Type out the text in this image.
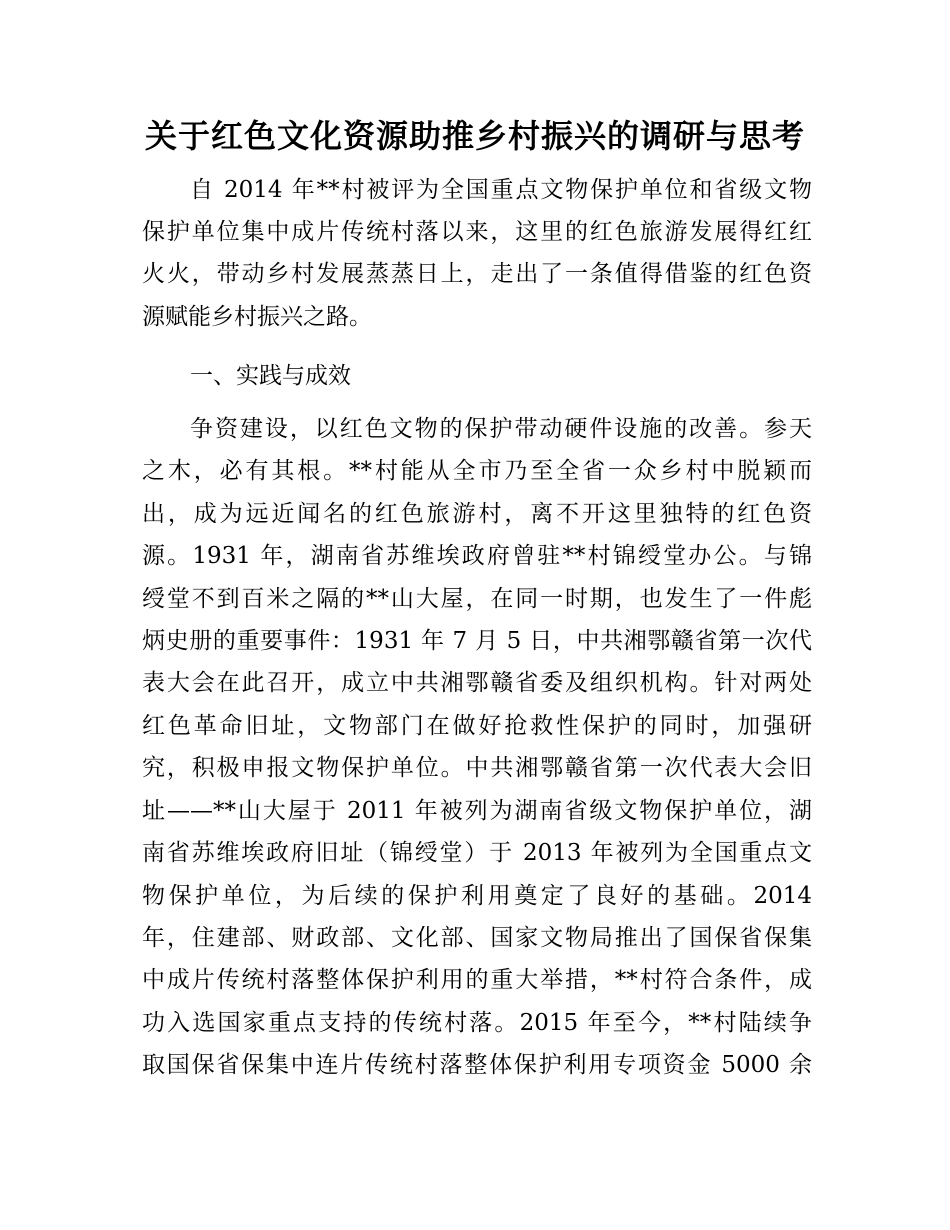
关于红色文化资源助推乡村振兴的调研与思考
自 2014 年**村被评为全国重点文物保护单位和省级文物
保护单位集中成片传统村落以来，这里的红色旅游发展得红红
火火，带动乡村发展蒸蒸日上，走出了一条值得借鉴的红色资
源赋能乡村振兴之路。
一、实践与成效
争资建设，以红色文物的保护带动硬件设施的改善。参天
之木，必有其根。**村能从全市乃至全省一众乡村中脱颖而
出，成为远近闻名的红色旅游村，离不开这里独特的红色资
源。1931 年，湖南省苏维埃政府曾驻**村锦绶堂办公。与锦
绶堂不到百米之隔的**山大屋，在同一时期，也发生了一件彪
炳史册的重要事件：1931 年 7 月 5 日，中共湘鄂赣省第一次代
表大会在此召开，成立中共湘鄂赣省委及组织机构。针对两处
红色革命旧址，文物部门在做好抢救性保护的同时，加强研
究，积极申报文物保护单位。中共湘鄂赣省第一次代表大会旧
址——**山大屋于 2011 年被列为湖南省级文物保护单位，湖
南省苏维埃政府旧址（锦绶堂）于 2013 年被列为全国重点文
物保护单位，为后续的保护利用奠定了良好的基础。2014
年，住建部、财政部、文化部、国家文物局推出了国保省保集
中成片传统村落整体保护利用的重大举措，**村符合条件，成
功入选国家重点支持的传统村落。2015 年至今，**村陆续争
取国保省保集中连片传统村落整体保护利用专项资金 5000 余
